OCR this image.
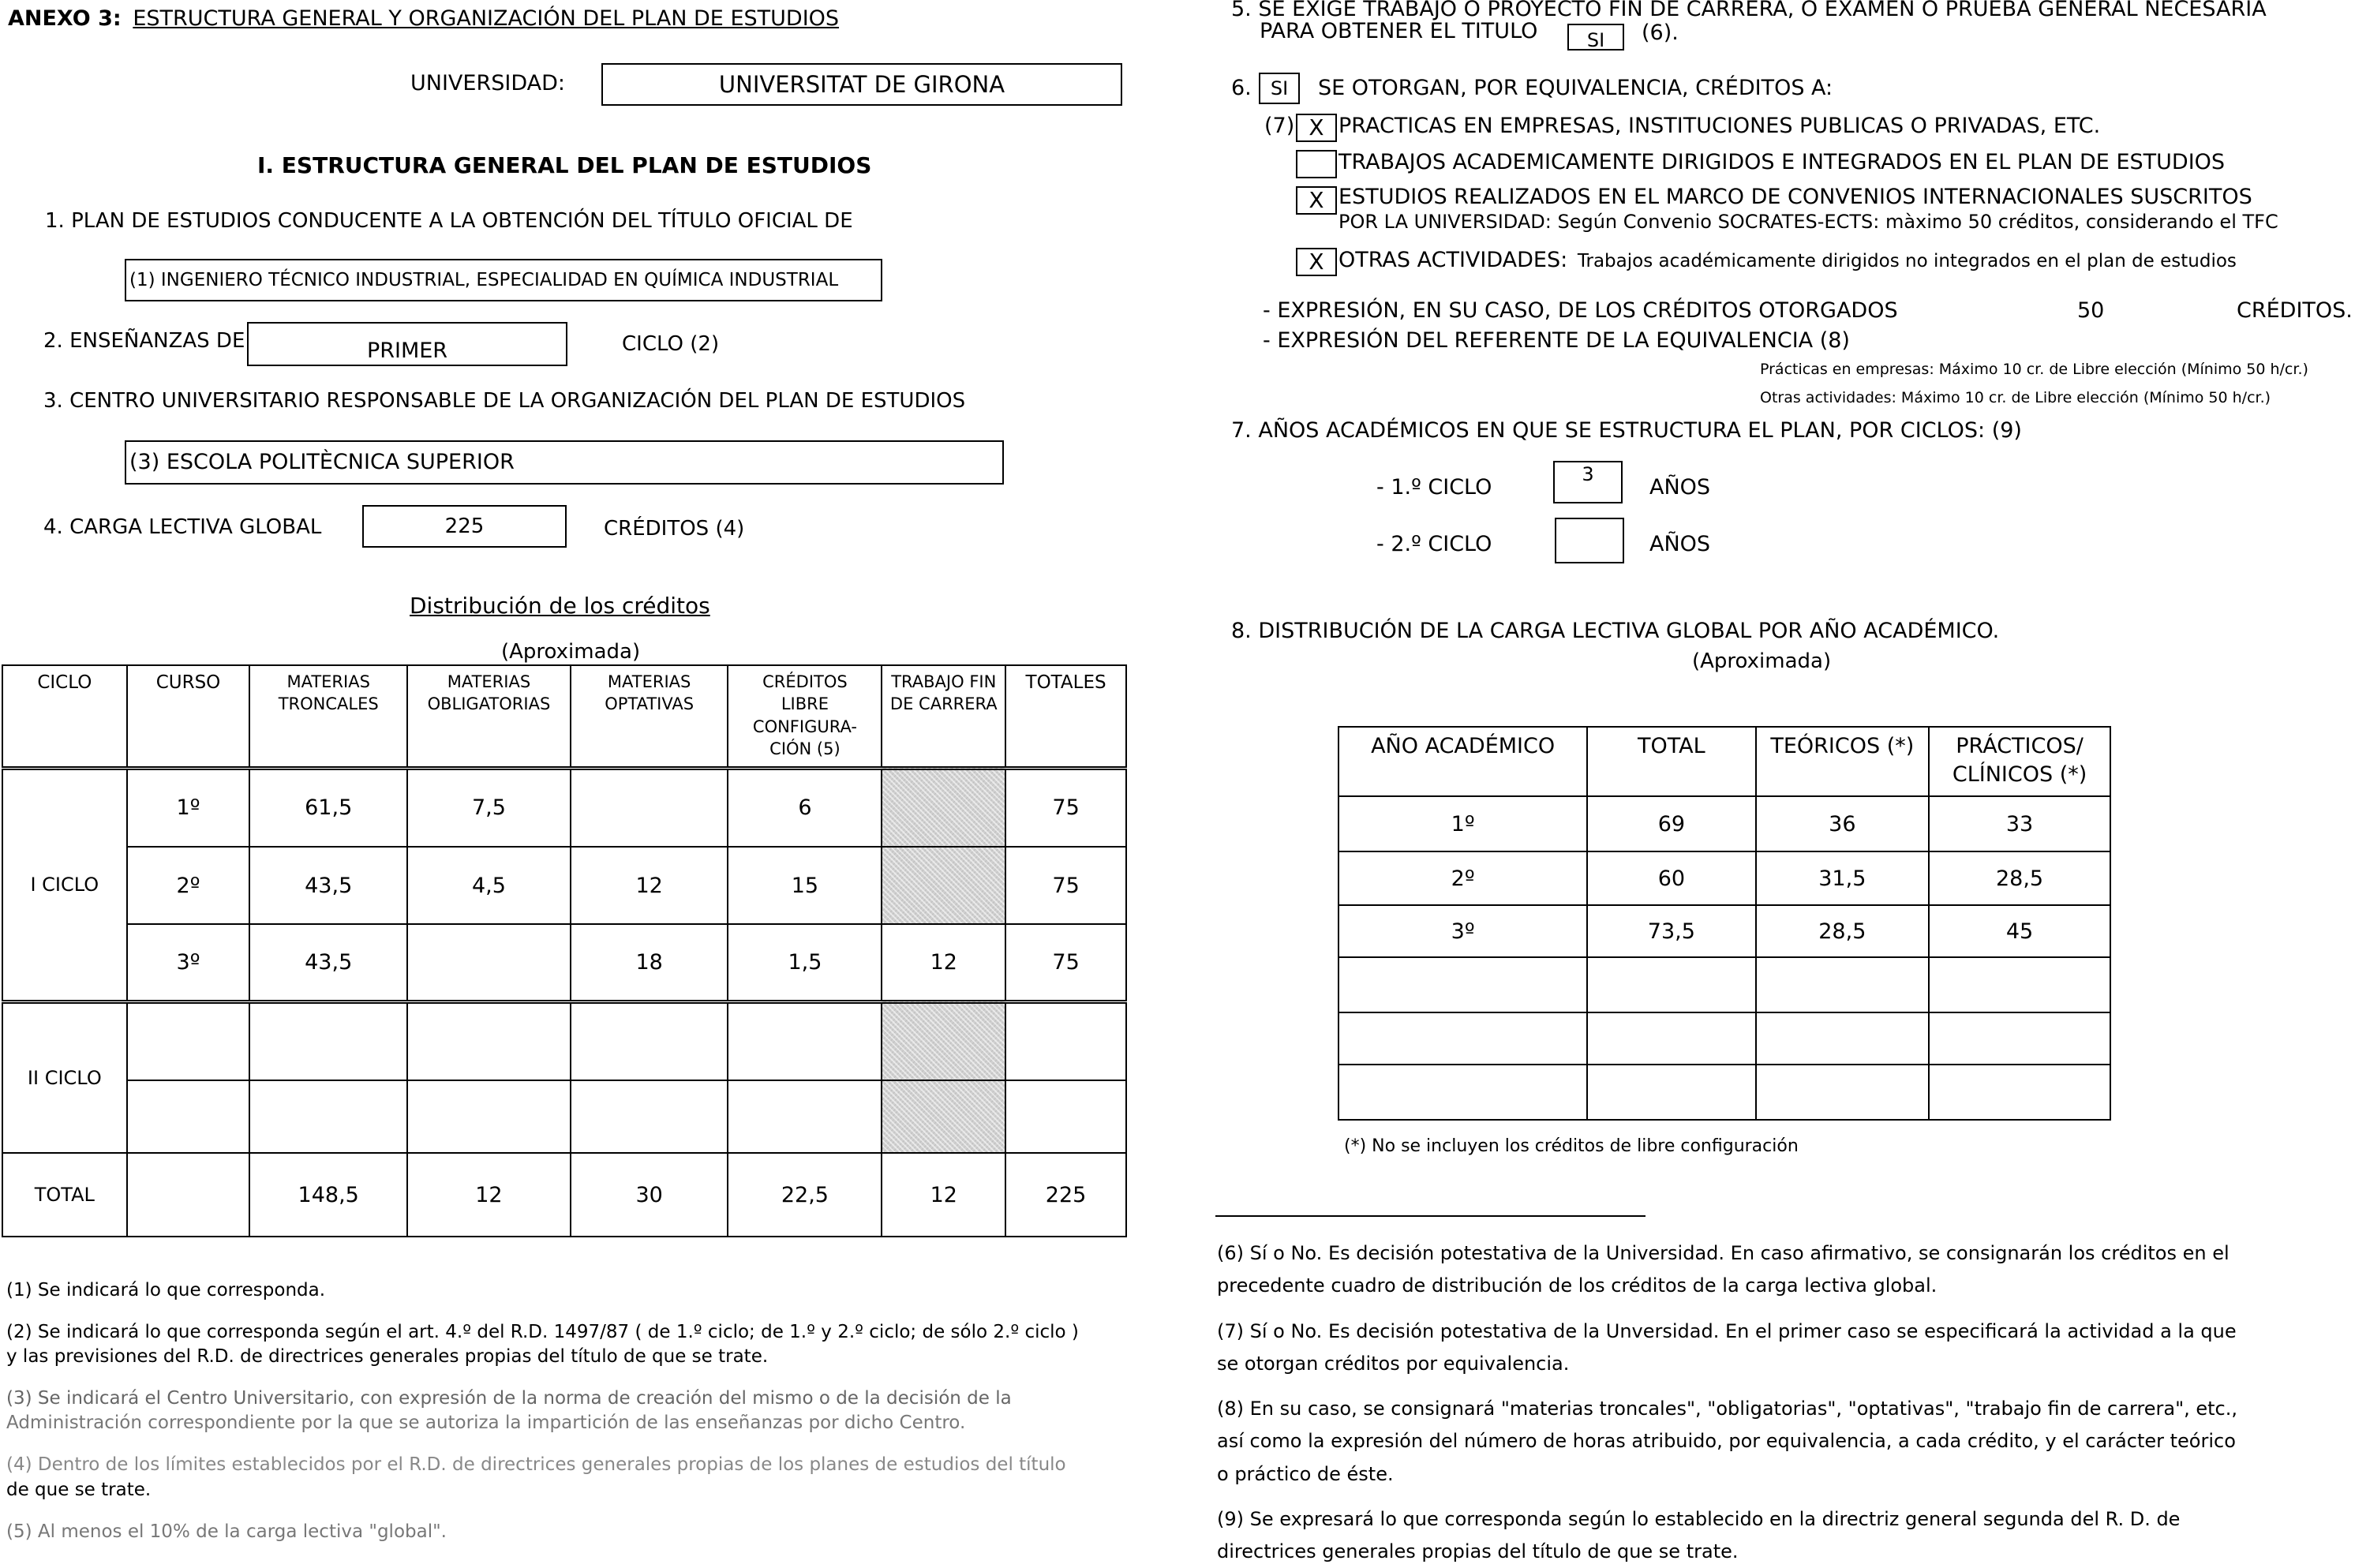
ANEXO 3: ESTRUCTURA GENERAL Y ORGANIZACIÓN DEL PLAN DE ESTUDIOS
UNIVERSIDAD:	UNIVERSITAT DE GIRONA
I. ESTRUCTURA GENERAL DEL PLAN DE ESTUDIOS
1. PLAN DE ESTUDIOS CONDUCENTE A LA OBTENCIÓN DEL TÍTULO OFICIAL DE
(1) INGENIERO TÉCNICO INDUSTRIAL, ESPECIALIDAD EN QUÍMICA INDUSTRIAL
2. ENSEÑANZAS DE	PRIMER	CICLO (2)
3. CENTRO UNIVERSITARIO RESPONSABLE DE LA ORGANIZACIÓN DEL PLAN DE ESTUDIOS
(3) ESCOLA POLITÈCNICA SUPERIOR
4. CARGA LECTIVA GLOBAL	225	CRÉDITOS (4)
Distribución de los créditos
(Aproximada)
CICLO	CURSO	MATERIAS TRONCALES	MATERIAS OBLIGATORIAS	MATERIAS OPTATIVAS	CRÉDITOS LIBRE CONFIGURA-CIÓN (5)	TRABAJO FIN DE CARRERA	TOTALES
I CICLO	1º	61,5	7,5		6		75
	2º	43,5	4,5	12	15		75
	3º	43,5		18	1,5	12	75
II CICLO							

TOTAL		148,5	12	30	22,5	12	225
(1) Se indicará lo que corresponda.
(2) Se indicará lo que corresponda según el art. 4.º del R.D. 1497/87 ( de 1.º ciclo; de 1.º y 2.º ciclo; de sólo 2.º ciclo )
y las previsiones del R.D. de directrices generales propias del título de que se trate.
(3) Se indicará el Centro Universitario, con expresión de la norma de creación del mismo o de la decisión de la
Administración correspondiente por la que se autoriza la impartición de las enseñanzas por dicho Centro.
(4) Dentro de los límites establecidos por el R.D. de directrices generales propias de los planes de estudios del título
de que se trate.
(5) Al menos el 10% de la carga lectiva "global".
5. SE EXIGE TRABAJO O PROYECTO FIN DE CARRERA, O EXAMEN O PRUEBA GENERAL NECESARIA
PARA OBTENER EL TITULO	SI	(6).
6.	SI	SE OTORGAN, POR EQUIVALENCIA, CRÉDITOS A:
(7) X PRACTICAS EN EMPRESAS, INSTITUCIONES PUBLICAS O PRIVADAS, ETC.
TRABAJOS ACADEMICAMENTE DIRIGIDOS E INTEGRADOS EN EL PLAN DE ESTUDIOS
X ESTUDIOS REALIZADOS EN EL MARCO DE CONVENIOS INTERNACIONALES SUSCRITOS
POR LA UNIVERSIDAD: Según Convenio SOCRATES-ECTS: màximo 50 créditos, considerando el TFC
X OTRAS ACTIVIDADES: Trabajos académicamente dirigidos no integrados en el plan de estudios
- EXPRESIÓN, EN SU CASO, DE LOS CRÉDITOS OTORGADOS	50	CRÉDITOS.
- EXPRESIÓN DEL REFERENTE DE LA EQUIVALENCIA (8)
Prácticas en empresas: Máximo 10 cr. de Libre elección (Mínimo 50 h/cr.)
Otras actividades: Máximo 10 cr. de Libre elección (Mínimo 50 h/cr.)
7. AÑOS ACADÉMICOS EN QUE SE ESTRUCTURA EL PLAN, POR CICLOS: (9)
- 1.º CICLO
3
AÑOS
- 2.º CICLO	AÑOS
8. DISTRIBUCIÓN DE LA CARGA LECTIVA GLOBAL POR AÑO ACADÉMICO.
(Aproximada)
AÑO ACADÉMICO	TOTAL	TEÓRICOS (*)	PRÁCTICOS/ CLÍNICOS (*)
1º	69	36	33
2º	60	31,5	28,5
3º	73,5	28,5	45

(*) No se incluyen los créditos de libre configuración
(6) Sí o No. Es decisión potestativa de la Universidad. En caso afirmativo, se consignarán los créditos en el
precedente cuadro de distribución de los créditos de la carga lectiva global.
(7) Sí o No. Es decisión potestativa de la Unversidad. En el primer caso se especificará la actividad a la que
se otorgan créditos por equivalencia.
(8) En su caso, se consignará "materias troncales", "obligatorias", "optativas", "trabajo fin de carrera", etc.,
así como la expresión del número de horas atribuido, por equivalencia, a cada crédito, y el carácter teórico
o práctico de éste.
(9) Se expresará lo que corresponda según lo establecido en la directriz general segunda del R. D. de
directrices generales propias del título de que se trate.
